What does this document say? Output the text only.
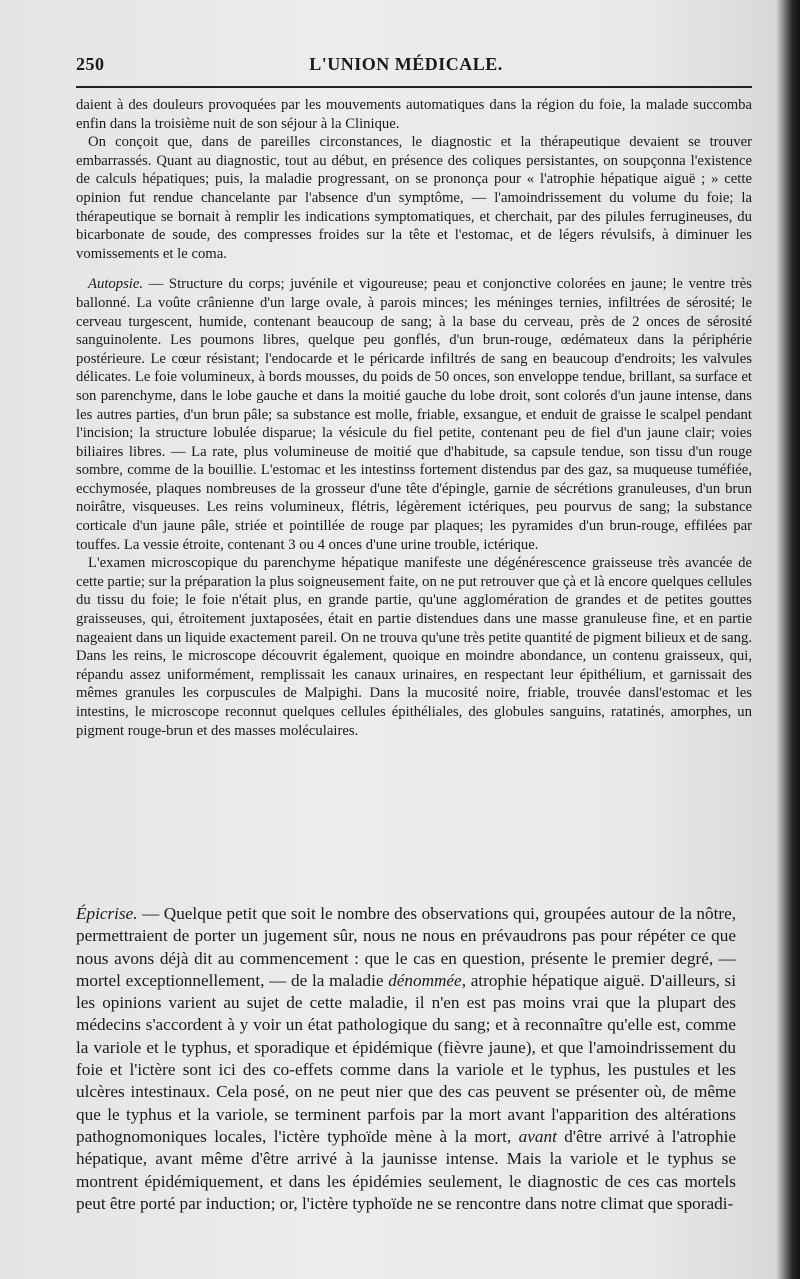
250	L'UNION MÉDICALE.

daient à des douleurs provoquées par les mouvements automatiques dans la région du foie, la malade succomba enfin dans la troisième nuit de son séjour à la Clinique.

On conçoit que, dans de pareilles circonstances, le diagnostic et la thérapeutique devaient se trouver embarrassés. Quant au diagnostic, tout au début, en présence des coliques persistantes, on soupçonna l'existence de calculs hépatiques; puis, la maladie progressant, on se prononça pour « l'atrophie hépatique aiguë ; » cette opinion fut rendue chancelante par l'absence d'un symptôme, — l'amoindrissement du volume du foie; la thérapeutique se bornait à remplir les indications symptomatiques, et cherchait, par des pilules ferrugineuses, du bicarbonate de soude, des compresses froides sur la tête et l'estomac, et de légers révulsifs, à diminuer les vomissements et le coma.

Autopsie. — Structure du corps; juvénile et vigoureuse; peau et conjonctive colorées en jaune; le ventre très ballonné. La voûte crânienne d'un large ovale, à parois minces; les méninges ternies, infiltrées de sérosité; le cerveau turgescent, humide, contenant beaucoup de sang; à la base du cerveau, près de 2 onces de sérosité sanguinolente. Les poumons libres, quelque peu gonflés, d'un brun-rouge, œdémateux dans la périphérie postérieure. Le cœur résistant; l'endocarde et le péricarde infiltrés de sang en beaucoup d'endroits; les valvules délicates. Le foie volumineux, à bords mousses, du poids de 50 onces, son enveloppe tendue, brillant, sa surface et son parenchyme, dans le lobe gauche et dans la moitié gauche du lobe droit, sont colorés d'un jaune intense, dans les autres parties, d'un brun pâle; sa substance est molle, friable, exsangue, et enduit de graisse le scalpel pendant l'incision; la structure lobulée disparue; la vésicule du fiel petite, contenant peu de fiel d'un jaune clair; voies biliaires libres. — La rate, plus volumineuse de moitié que d'habitude, sa capsule tendue, son tissu d'un rouge sombre, comme de la bouillie. L'estomac et les intestinss fortement distendus par des gaz, sa muqueuse tuméfiée, ecchymosée, plaques nombreuses de la grosseur d'une tête d'épingle, garnie de sécrétions granuleuses, d'un brun noirâtre, visqueuses. Les reins volumineux, flétris, légèrement ictériques, peu pourvus de sang; la substance corticale d'un jaune pâle, striée et pointillée de rouge par plaques; les pyramides d'un brun-rouge, effilées par touffes. La vessie étroite, contenant 3 ou 4 onces d'une urine trouble, ictérique.

L'examen microscopique du parenchyme hépatique manifeste une dégénérescence graisseuse très avancée de cette partie; sur la préparation la plus soigneusement faite, on ne put retrouver que çà et là encore quelques cellules du tissu du foie; le foie n'était plus, en grande partie, qu'une agglomération de grandes et de petites gouttes graisseuses, qui, étroitement juxtaposées, était en partie distendues dans une masse granuleuse fine, et en partie nageaient dans un liquide exactement pareil. On ne trouva qu'une très petite quantité de pigment bilieux et de sang. Dans les reins, le microscope découvrit également, quoique en moindre abondance, un contenu graisseux, qui, répandu assez uniformément, remplissait les canaux urinaires, en respectant leur épithélium, et garnissait des mêmes granules les corpuscules de Malpighi. Dans la mucosité noire, friable, trouvée dansl'estomac et les intestins, le microscope reconnut quelques cellules épithéliales, des globules sanguins, ratatinés, amorphes, un pigment rouge-brun et des masses moléculaires.

Épicrise. — Quelque petit que soit le nombre des observations qui, groupées autour de la nôtre, permettraient de porter un jugement sûr, nous ne nous en prévaudrons pas pour répéter ce que nous avons déjà dit au commencement : que le cas en question, présente le premier degré, — mortel exceptionnellement, — de la maladie dénommée, atrophie hépatique aiguë. D'ailleurs, si les opinions varient au sujet de cette maladie, il n'en est pas moins vrai que la plupart des médecins s'accordent à y voir un état pathologique du sang; et à reconnaître qu'elle est, comme la variole et le typhus, et sporadique et épidémique (fièvre jaune), et que l'amoindrissement du foie et l'ictère sont ici des co-effets comme dans la variole et le typhus, les pustules et les ulcères intestinaux. Cela posé, on ne peut nier que des cas peuvent se présenter où, de même que le typhus et la variole, se terminent parfois par la mort avant l'apparition des altérations pathognomoniques locales, l'ictère typhoïde mène à la mort, avant d'être arrivé à l'atrophie hépatique, avant même d'être arrivé à la jaunisse intense. Mais la variole et le typhus se montrent épidémiquement, et dans les épidémies seulement, le diagnostic de ces cas mortels peut être porté par induction; or, l'ictère typhoïde ne se rencontre dans notre climat que sporadi-
